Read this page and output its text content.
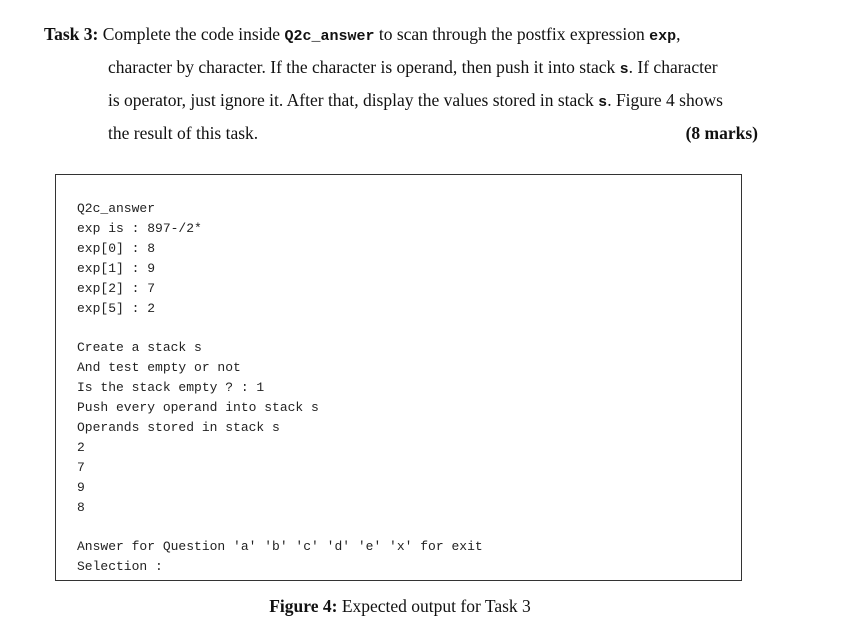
Task 3: Complete the code inside Q2c_answer to scan through the postfix expression exp,
character by character. If the character is operand, then push it into stack s. If character
is operator, just ignore it. After that, display the values stored in stack s. Figure 4 shows
the result of this task.	(8 marks)
Q2c_answer
exp is : 897-/2*
exp[0] : 8
exp[1] : 9
exp[2] : 7
exp[5] : 2
Create a stack s
And test empty or not
Is the stack empty ? : 1
Push every operand into stack s
Operands stored in stack s
2
7
9
8
Answer for Question 'a' 'b' 'c' 'd' 'e' 'x' for exit
Selection :
Figure 4: Expected output for Task 3
